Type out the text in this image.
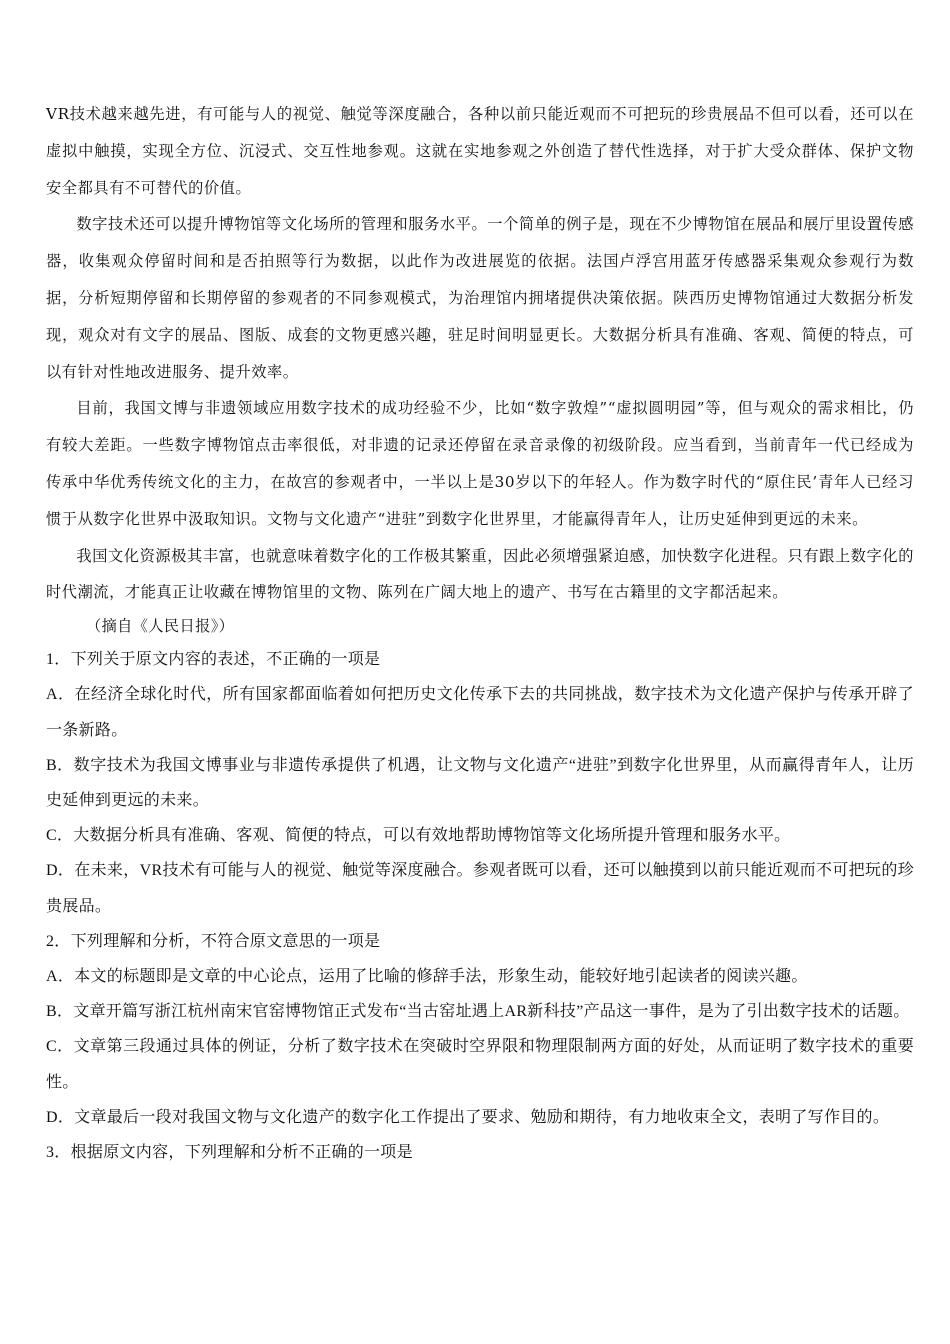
VR技术越来越先进，有可能与人的视觉、触觉等深度融合，各种以前只能近观而不可把玩的珍贵展品不但可以看，还可以在虚拟中触摸，实现全方位、沉浸式、交互性地参观。这就在实地参观之外创造了替代性选择，对于扩大受众群体、保护文物安全都具有不可替代的价值。

数字技术还可以提升博物馆等文化场所的管理和服务水平。一个简单的例子是，现在不少博物馆在展品和展厅里设置传感器，收集观众停留时间和是否拍照等行为数据，以此作为改进展览的依据。法国卢浮宫用蓝牙传感器采集观众参观行为数据，分析短期停留和长期停留的参观者的不同参观模式，为治理馆内拥堵提供决策依据。陕西历史博物馆通过大数据分析发现，观众对有文字的展品、图版、成套的文物更感兴趣，驻足时间明显更长。大数据分析具有准确、客观、简便的特点，可以有针对性地改进服务、提升效率。

目前，我国文博与非遗领域应用数字技术的成功经验不少，比如“数字敦煌”“虚拟圆明园”等，但与观众的需求相比，仍有较大差距。一些数字博物馆点击率很低，对非遗的记录还停留在录音录像的初级阶段。应当看到，当前青年一代已经成为传承中华优秀传统文化的主力，在故宫的参观者中，一半以上是30岁以下的年轻人。作为数字时代的“原住民’青年人已经习惯于从数字化世界中汲取知识。文物与文化遗产“进驻”到数字化世界里，才能赢得青年人，让历史延伸到更远的未来。

我国文化资源极其丰富，也就意味着数字化的工作极其繁重，因此必须增强紧迫感，加快数字化进程。只有跟上数字化的时代潮流，才能真正让收藏在博物馆里的文物、陈列在广阔大地上的遗产、书写在古籍里的文字都活起来。

（摘自《人民日报》）

1．下列关于原文内容的表述，不正确的一项是

A．在经济全球化时代，所有国家都面临着如何把历史文化传承下去的共同挑战，数字技术为文化遗产保护与传承开辟了一条新路。

B．数字技术为我国文博事业与非遗传承提供了机遇，让文物与文化遗产“进驻”到数字化世界里，从而赢得青年人，让历史延伸到更远的未来。

C．大数据分析具有准确、客观、简便的特点，可以有效地帮助博物馆等文化场所提升管理和服务水平。

D．在未来，VR技术有可能与人的视觉、触觉等深度融合。参观者既可以看，还可以触摸到以前只能近观而不可把玩的珍贵展品。

2．下列理解和分析，不符合原文意思的一项是

A．本文的标题即是文章的中心论点，运用了比喻的修辞手法，形象生动，能较好地引起读者的阅读兴趣。

B．文章开篇写浙江杭州南宋官窑博物馆正式发布“当古窑址遇上AR新科技”产品这一事件，是为了引出数字技术的话题。

C．文章第三段通过具体的例证，分析了数字技术在突破时空界限和物理限制两方面的好处，从而证明了数字技术的重要性。

D．文章最后一段对我国文物与文化遗产的数字化工作提出了要求、勉励和期待，有力地收束全文，表明了写作目的。

3．根据原文内容，下列理解和分析不正确的一项是
